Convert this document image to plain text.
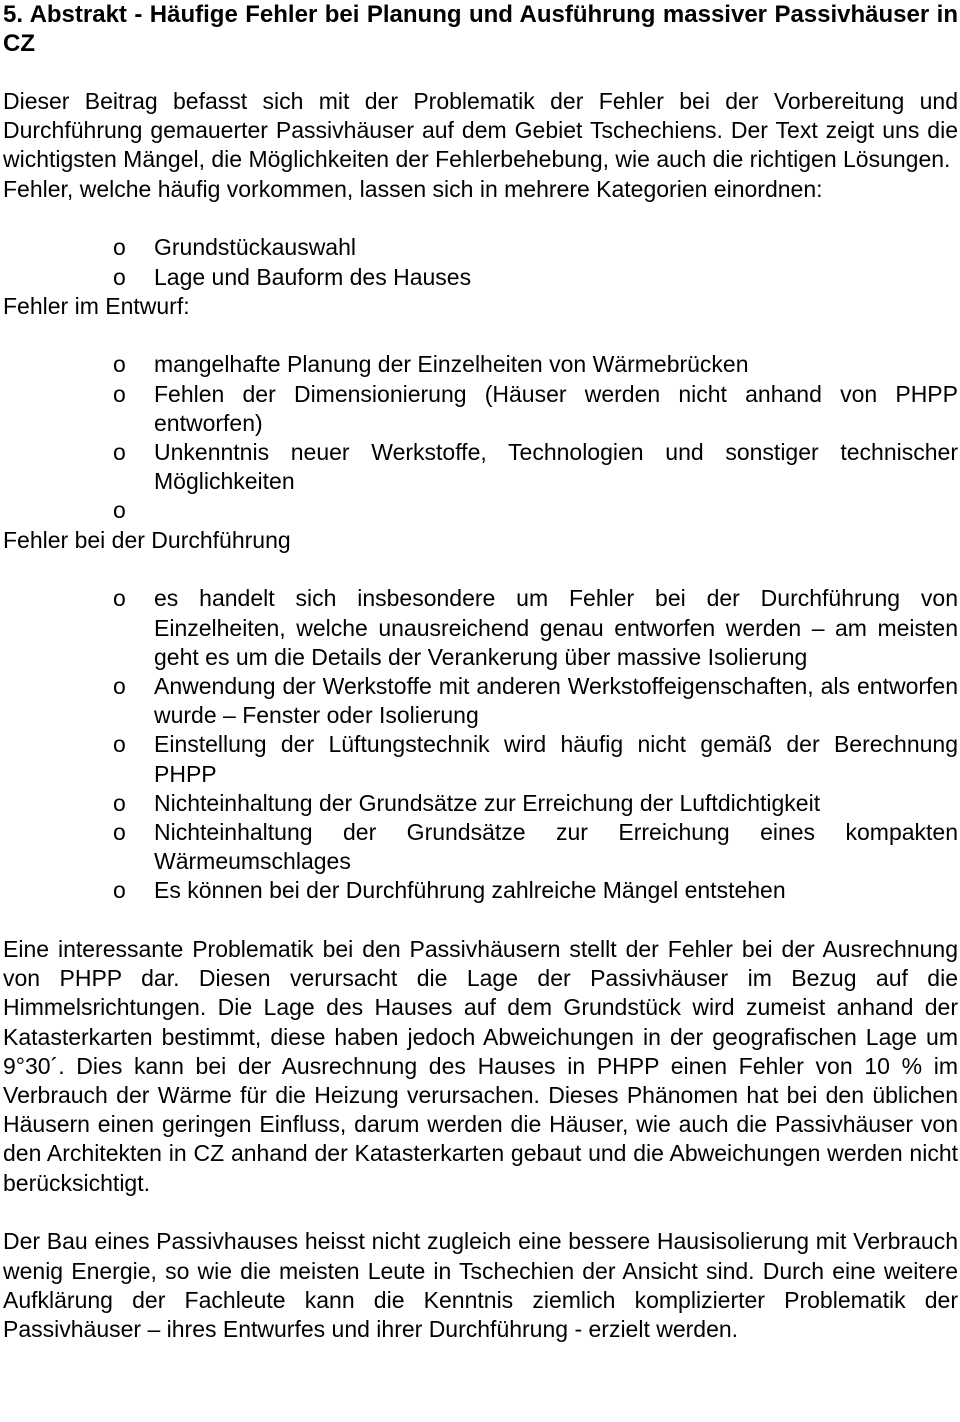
5. Abstrakt - Häufige Fehler bei Planung und Ausführung massiver Passivhäuser in CZ

Dieser Beitrag befasst sich mit der Problematik der Fehler bei der Vorbereitung und Durchführung gemauerter Passivhäuser auf dem Gebiet Tschechiens. Der Text zeigt uns die wichtigsten Mängel, die Möglichkeiten der Fehlerbehebung, wie auch die richtigen Lösungen.

Fehler, welche häufig vorkommen, lassen sich in mehrere Kategorien einordnen:

o Grundstückauswahl
o Lage und Bauform des Hauses

Fehler im Entwurf:

o mangelhafte Planung der Einzelheiten von Wärmebrücken
o Fehlen der Dimensionierung (Häuser werden nicht anhand von PHPP entworfen)
o Unkenntnis neuer Werkstoffe, Technologien und sonstiger technischer Möglichkeiten
o

Fehler bei der Durchführung

o es handelt sich insbesondere um Fehler bei der Durchführung von Einzelheiten, welche unausreichend genau entworfen werden – am meisten geht es um die Details der Verankerung über massive Isolierung
o Anwendung der Werkstoffe mit anderen Werkstoffeigenschaften, als entworfen wurde – Fenster oder Isolierung
o Einstellung der Lüftungstechnik wird häufig nicht gemäß der Berechnung PHPP
o Nichteinhaltung der Grundsätze zur Erreichung der Luftdichtigkeit
o Nichteinhaltung der Grundsätze zur Erreichung eines kompakten Wärmeumschlages
o Es können bei der Durchführung zahlreiche Mängel entstehen

Eine interessante Problematik bei den Passivhäusern stellt der Fehler bei der Ausrechnung von PHPP dar. Diesen verursacht die Lage der Passivhäuser im Bezug auf die Himmelsrichtungen. Die Lage des Hauses auf dem Grundstück wird zumeist anhand der Katasterkarten bestimmt, diese haben jedoch Abweichungen in der geografischen Lage um 9°30´. Dies kann bei der Ausrechnung des Hauses in PHPP einen Fehler von 10 % im Verbrauch der Wärme für die Heizung verursachen. Dieses Phänomen hat bei den üblichen Häusern einen geringen Einfluss, darum werden die Häuser, wie auch die Passivhäuser von den Architekten in CZ anhand der Katasterkarten gebaut und die Abweichungen werden nicht berücksichtigt.

Der Bau eines Passivhauses heisst nicht zugleich eine bessere Hausisolierung mit Verbrauch wenig Energie, so wie die meisten Leute in Tschechien der Ansicht sind. Durch eine weitere Aufklärung der Fachleute kann die Kenntnis ziemlich komplizierter Problematik der Passivhäuser – ihres Entwurfes und ihrer Durchführung - erzielt werden.
